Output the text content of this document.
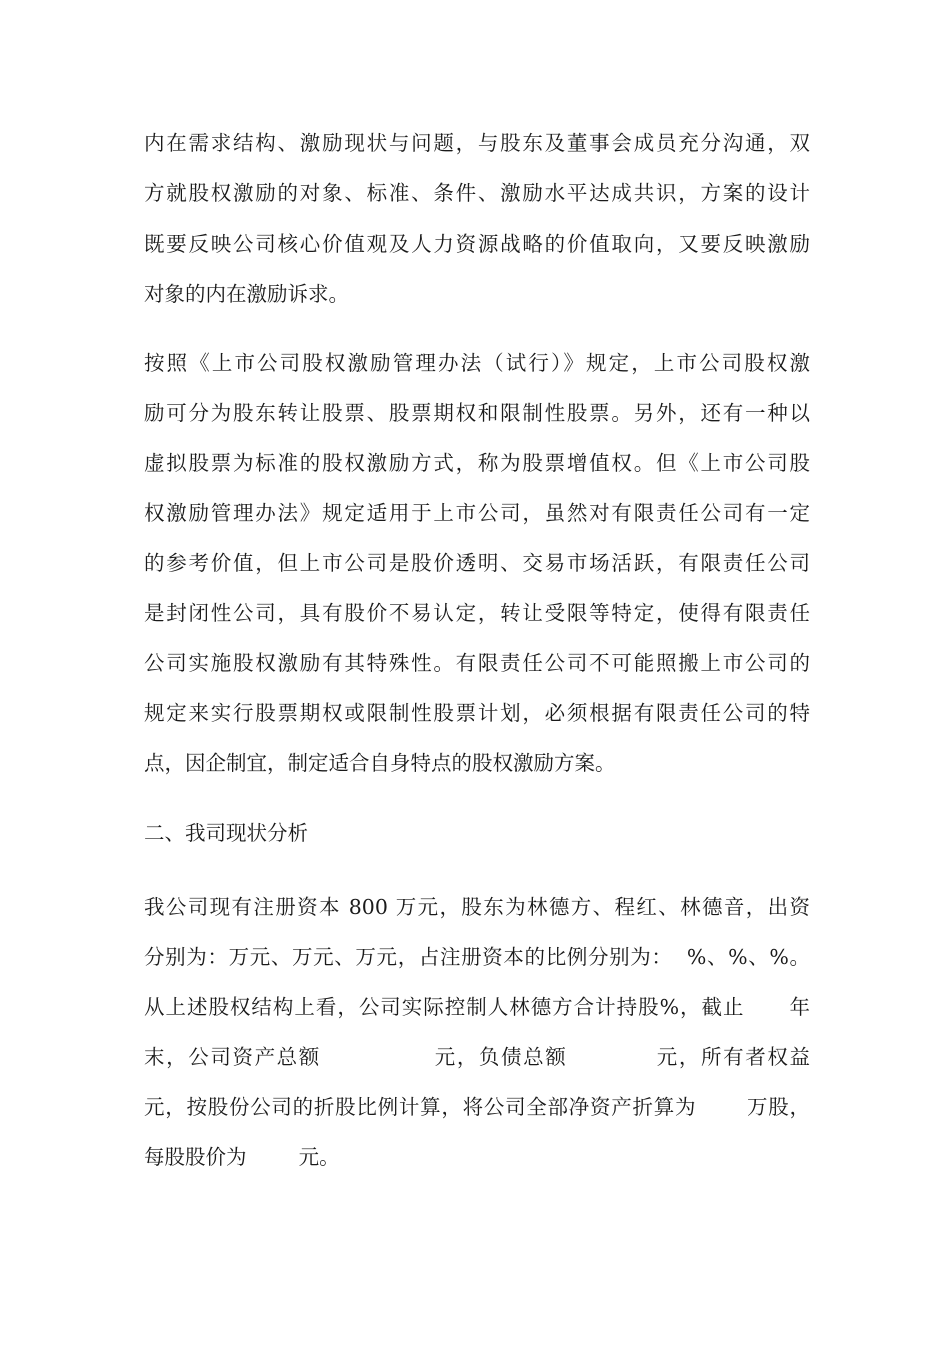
内在需求结构、激励现状与问题，与股东及董事会成员充分沟通，双
方就股权激励的对象、标准、条件、激励水平达成共识，方案的设计
既要反映公司核心价值观及人力资源战略的价值取向，又要反映激励
对象的内在激励诉求。
按照《上市公司股权激励管理办法（试行）》规定，上市公司股权激
励可分为股东转让股票、股票期权和限制性股票。另外，还有一种以
虚拟股票为标准的股权激励方式，称为股票增值权。但《上市公司股
权激励管理办法》规定适用于上市公司，虽然对有限责任公司有一定
的参考价值，但上市公司是股价透明、交易市场活跃，有限责任公司
是封闭性公司，具有股价不易认定，转让受限等特定，使得有限责任
公司实施股权激励有其特殊性。有限责任公司不可能照搬上市公司的
规定来实行股票期权或限制性股票计划，必须根据有限责任公司的特
点，因企制宜，制定适合自身特点的股权激励方案。
二、我司现状分析
我公司现有注册资本 800 万元，股东为林德方、程红、林德音，出资
分别为：万元、万元、万元，占注册资本的比例分别为：  %、%、%。
从上述股权结构上看，公司实际控制人林德方合计持股%，截止      年
末，公司资产总额              元，负债总额           元，所有者权益
元，按股份公司的折股比例计算，将公司全部净资产折算为       万股，
每股股价为        元。
